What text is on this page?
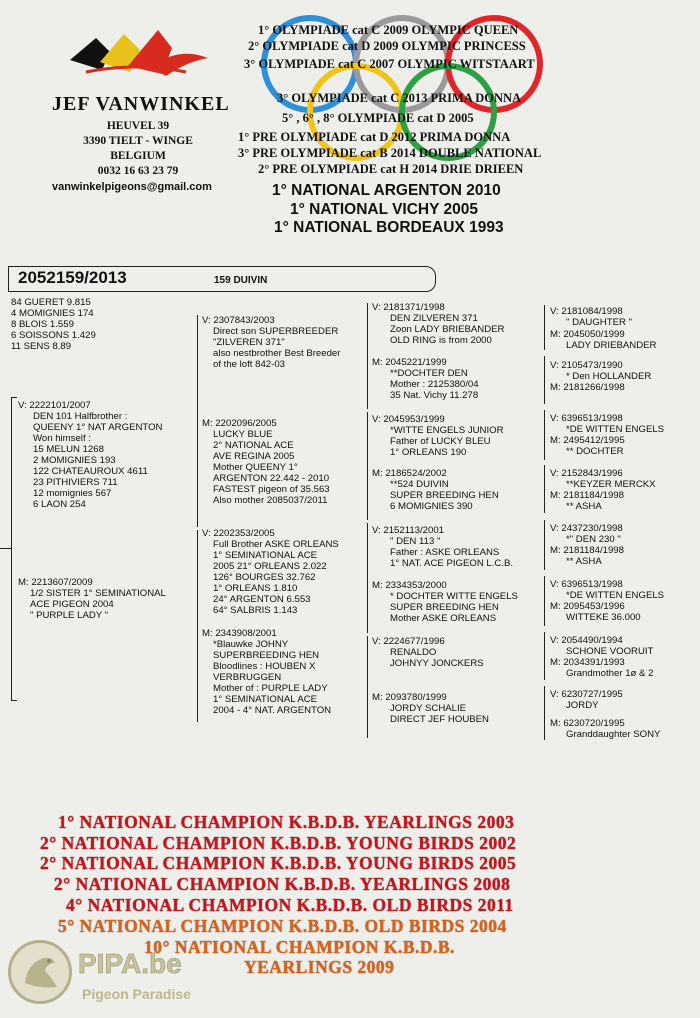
JEF VANWINKEL
HEUVEL 39
3390 TIELT - WINGE
BELGIUM
0032 16 63 23 79
vanwinkelpigeons@gmail.com
1° OLYMPIADE cat C 2009 OLYMPIC QUEEN
2° OLYMPIADE cat D 2009 OLYMPIC PRINCESS
3° OLYMPIADE cat C 2007 OLYMPIC WITSTAART
3° OLYMPIADE cat C 2013 PRIMA DONNA
5° , 6° , 8° OLYMPIADE cat D 2005
1° PRE OLYMPIADE cat D 2012 PRIMA DONNA
3° PRE OLYMPIADE cat B 2014 DOUBLE NATIONAL
2° PRE OLYMPIADE cat H 2014 DRIE DRIEEN
1° NATIONAL ARGENTON 2010
1° NATIONAL VICHY 2005
1° NATIONAL BORDEAUX 1993
2052159/2013	159 DUIVIN
84 GUERET 9.815
4 MOMIGNIES 174
8 BLOIS 1.559
6 SOISSONS 1.429
11 SENS 8.89
V: 2222101/2007
DEN 101 Halfbrother :
QUEENY 1° NAT ARGENTON
Won himself :
15 MELUN 1268
2 MOMIGNIES 193
122 CHATEAUROUX 4611
23 PITHIVIERS 711
12 momignies 567
6 LAON 254
M: 2213607/2009
1/2 SISTER 1° SEMINATIONAL
ACE PIGEON 2004
" PURPLE LADY "
V: 2307843/2003
Direct son SUPERBREEDER
"ZILVEREN 371"
also nestbrother Best Breeder
of the loft 842-03
M: 2202096/2005
LUCKY BLUE
2° NATIONAL ACE
AVE REGINA 2005
Mother QUEENY 1°
ARGENTON 22.442 - 2010
FASTEST pigeon of 35.563
Also mother 2085037/2011
V: 2202353/2005
Full Brother ASKE ORLEANS
1° SEMINATIONAL ACE
2005 21° ORLEANS 2.022
126° BOURGES 32.762
1° ORLEANS 1.810
24° ARGENTON 6.553
64° SALBRIS 1.143
M: 2343908/2001
*Blauwke JOHNY
SUPERBREEDING HEN
Bloodlines : HOUBEN X
VERBRUGGEN
Mother of : PURPLE LADY
1° SEMINATIONAL ACE
2004 - 4° NAT. ARGENTON
V: 2181371/1998
DEN ZILVEREN 371
Zoon LADY BRIEBANDER
OLD RING is from 2000
M: 2045221/1999
**DOCHTER DEN
Mother : 2125380/04
35 Nat. Vichy 11.278
V: 2045953/1999
*WITTE ENGELS JUNIOR
Father of LUCKY BLEU
1° ORLEANS 190
M: 2186524/2002
**524 DUIVIN
SUPER BREEDING HEN
6 MOMIGNIES 390
V: 2152113/2001
" DEN 113 "
Father : ASKE ORLEANS
1° NAT. ACE PIGEON L.C.B.
M: 2334353/2000
* DOCHTER WITTE ENGELS
SUPER BREEDING HEN
Mother ASKE ORLEANS
V: 2224677/1996
RENALDO
JOHNYY JONCKERS
M: 2093780/1999
JORDY SCHALIE
DIRECT JEF HOUBEN
V: 2181084/1998
" DAUGHTER "
M: 2045050/1999
LADY DRIEBANDER
V: 2105473/1990
* Den HOLLANDER
M: 2181266/1998
V: 6396513/1998
*DE WITTEN ENGELS
M: 2495412/1995
** DOCHTER
V: 2152843/1996
**KEYZER MERCKX
M: 2181184/1998
** ASHA
V: 2437230/1998
*" DEN 230 "
M: 2181184/1998
** ASHA
V: 6396513/1998
*DE WITTEN ENGELS
M: 2095453/1996
WITTEKE 36.000
V: 2054490/1994
SCHONE VOORUIT
M: 2034391/1993
Grandmother 1ø & 2
V: 6230727/1995
JORDY
M: 6230720/1995
Granddaughter SONY
1° NATIONAL CHAMPION K.B.D.B. YEARLINGS 2003
2° NATIONAL CHAMPION K.B.D.B. YOUNG BIRDS 2002
2° NATIONAL CHAMPION K.B.D.B. YOUNG BIRDS 2005
2° NATIONAL CHAMPION K.B.D.B. YEARLINGS 2008
4° NATIONAL CHAMPION K.B.D.B. OLD BIRDS 2011
5° NATIONAL CHAMPION K.B.D.B. OLD BIRDS 2004
10° NATIONAL CHAMPION K.B.D.B.
YEARLINGS 2009
PIPA.be
Pigeon Paradise
